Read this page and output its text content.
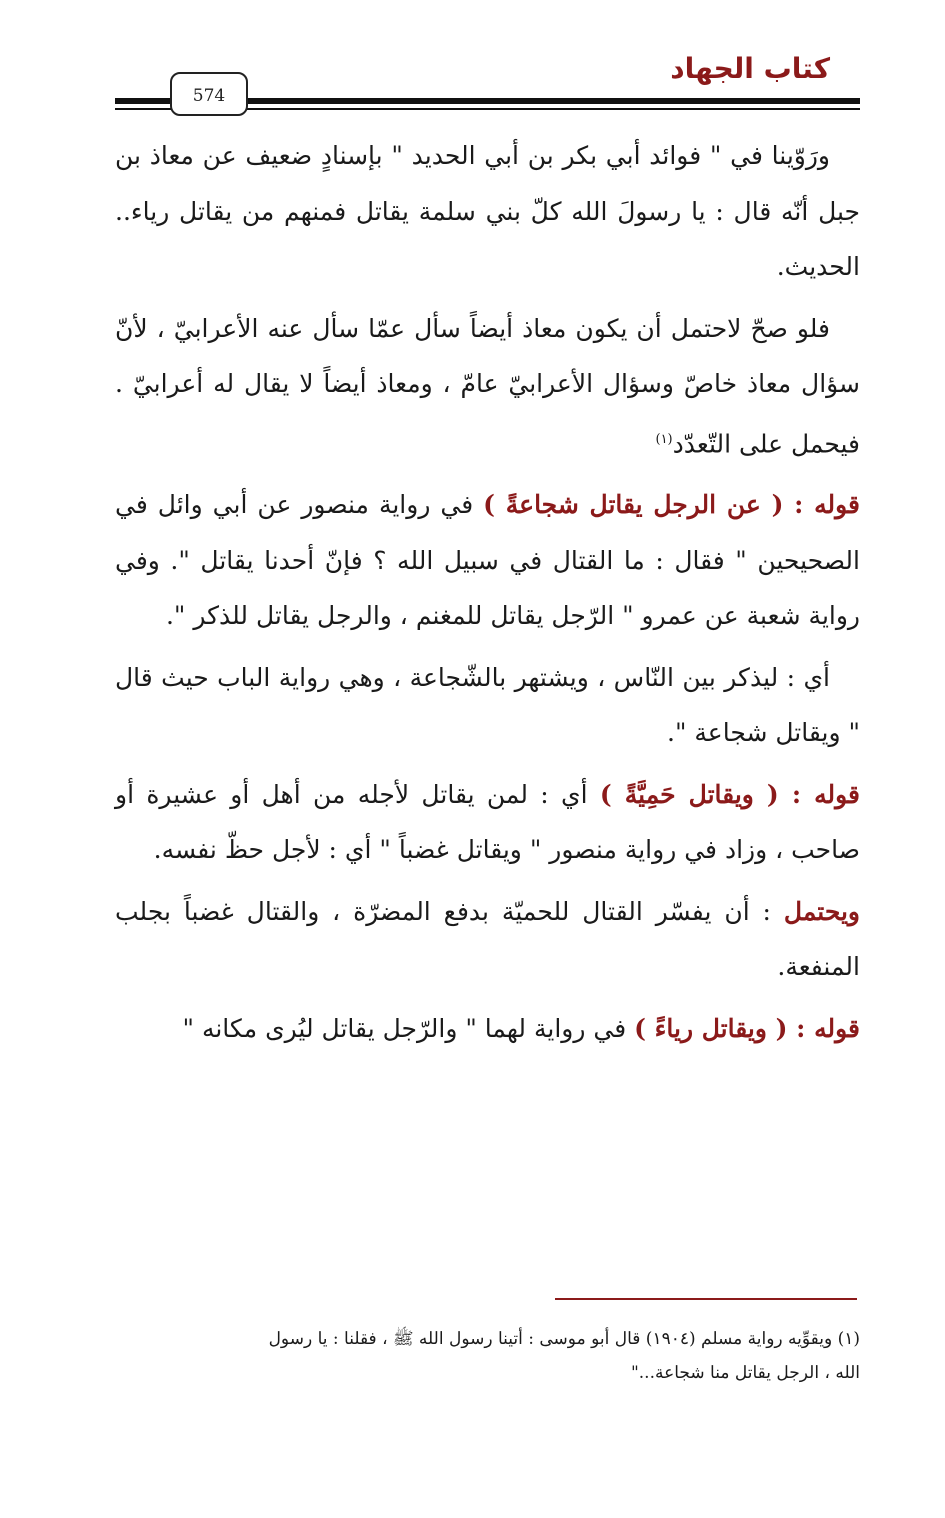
كتاب الجهاد
574

ورَوّينا في " فوائد أبي بكر بن أبي الحديد " بإسنادٍ ضعيف عن معاذ بن جبل أنّه قال : يا رسولَ الله كلّ بني سلمة يقاتل فمنهم من يقاتل رياء.. الحديث.

فلو صحّ لاحتمل أن يكون معاذ أيضاً سأل عمّا سأل عنه الأعرابيّ ، لأنّ سؤال معاذ خاصّ وسؤال الأعرابيّ عامّ ، ومعاذ أيضاً لا يقال له أعرابيّ . فيحمل على التّعدّد$^{(١)}$

قوله : ( عن الرجل يقاتل شجاعةً ) في رواية منصور عن أبي وائل في الصحيحين " فقال : ما القتال في سبيل الله ؟ فإنّ أحدنا يقاتل ". وفي رواية شعبة عن عمرو " الرّجل يقاتل للمغنم ، والرجل يقاتل للذكر ".

أي : ليذكر بين النّاس ، ويشتهر بالشّجاعة ، وهي رواية الباب حيث قال " ويقاتل شجاعة ".

قوله : ( ويقاتل حَمِيَّةً ) أي : لمن يقاتل لأجله من أهل أو عشيرة أو صاحب ، وزاد في رواية منصور " ويقاتل غضباً " أي : لأجل حظّ نفسه.

ويحتمل : أن يفسّر القتال للحميّة بدفع المضرّة ، والقتال غضباً بجلب المنفعة.

قوله : ( ويقاتل رياءً ) في رواية لهما " والرّجل يقاتل ليُرى مكانه "

(١) ويقوِّيه رواية مسلم (١٩٠٤) قال أبو موسى : أتينا رسول الله ﷺ ، فقلنا : يا رسول

الله ، الرجل يقاتل منا شجاعة..."
